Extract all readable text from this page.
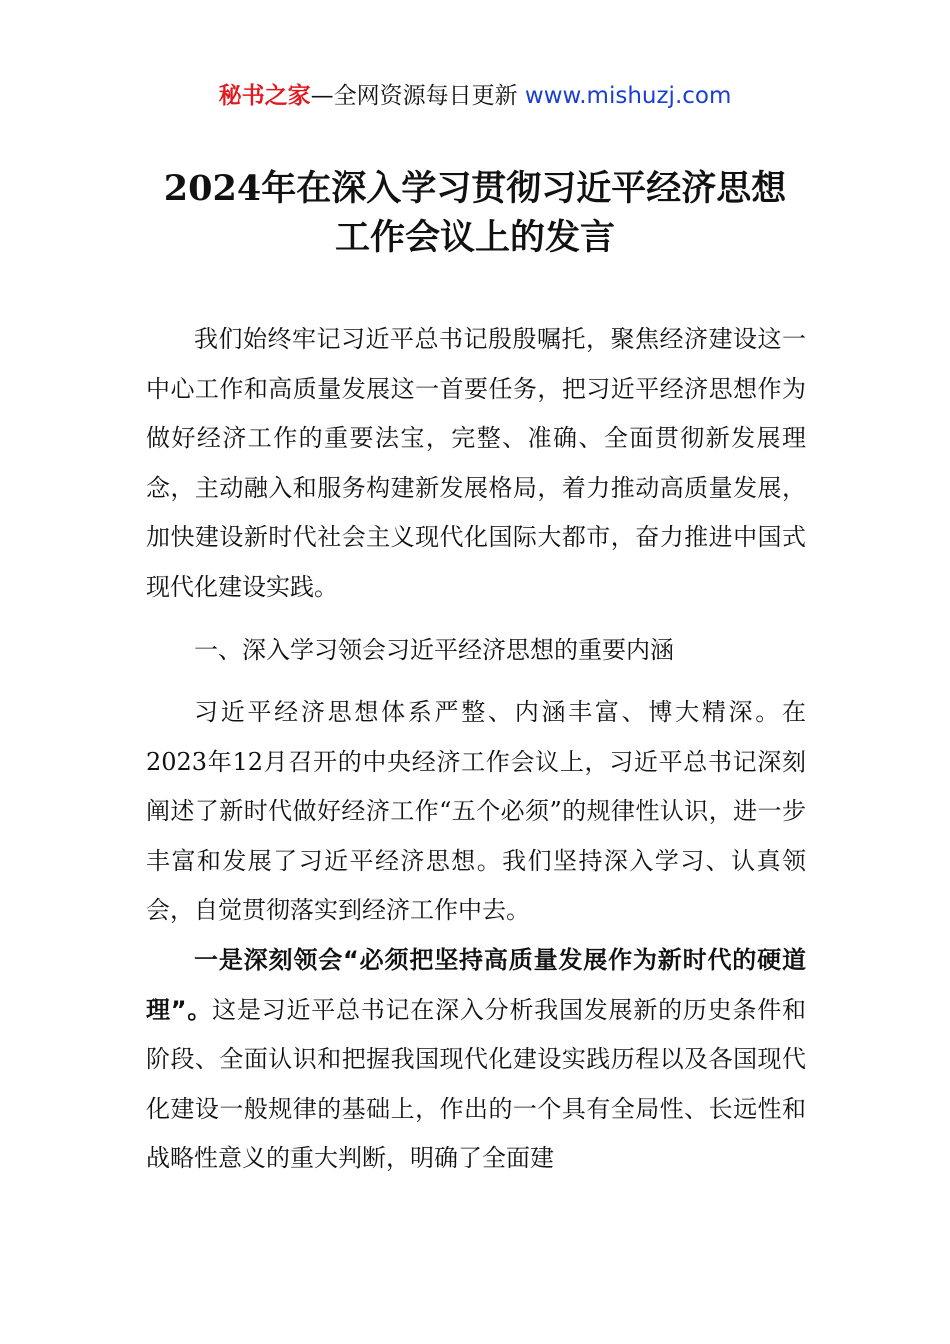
秘书之家—全网资源每日更新 www.mishuzj.com
2024年在深入学习贯彻习近平经济思想
工作会议上的发言

我们始终牢记习近平总书记殷殷嘱托，聚焦经济建设这一中心工作和高质量发展这一首要任务，把习近平经济思想作为做好经济工作的重要法宝，完整、准确、全面贯彻新发展理念，主动融入和服务构建新发展格局，着力推动高质量发展，加快建设新时代社会主义现代化国际大都市，奋力推进中国式现代化建设实践。

一、深入学习领会习近平经济思想的重要内涵

习近平经济思想体系严整、内涵丰富、博大精深。在2023年12月召开的中央经济工作会议上，习近平总书记深刻阐述了新时代做好经济工作“五个必须”的规律性认识，进一步丰富和发展了习近平经济思想。我们坚持深入学习、认真领会，自觉贯彻落实到经济工作中去。

一是深刻领会“必须把坚持高质量发展作为新时代的硬道理”。这是习近平总书记在深入分析我国发展新的历史条件和阶段、全面认识和把握我国现代化建设实践历程以及各国现代化建设一般规律的基础上，作出的一个具有全局性、长远性和战略性意义的重大判断，明确了全面建
